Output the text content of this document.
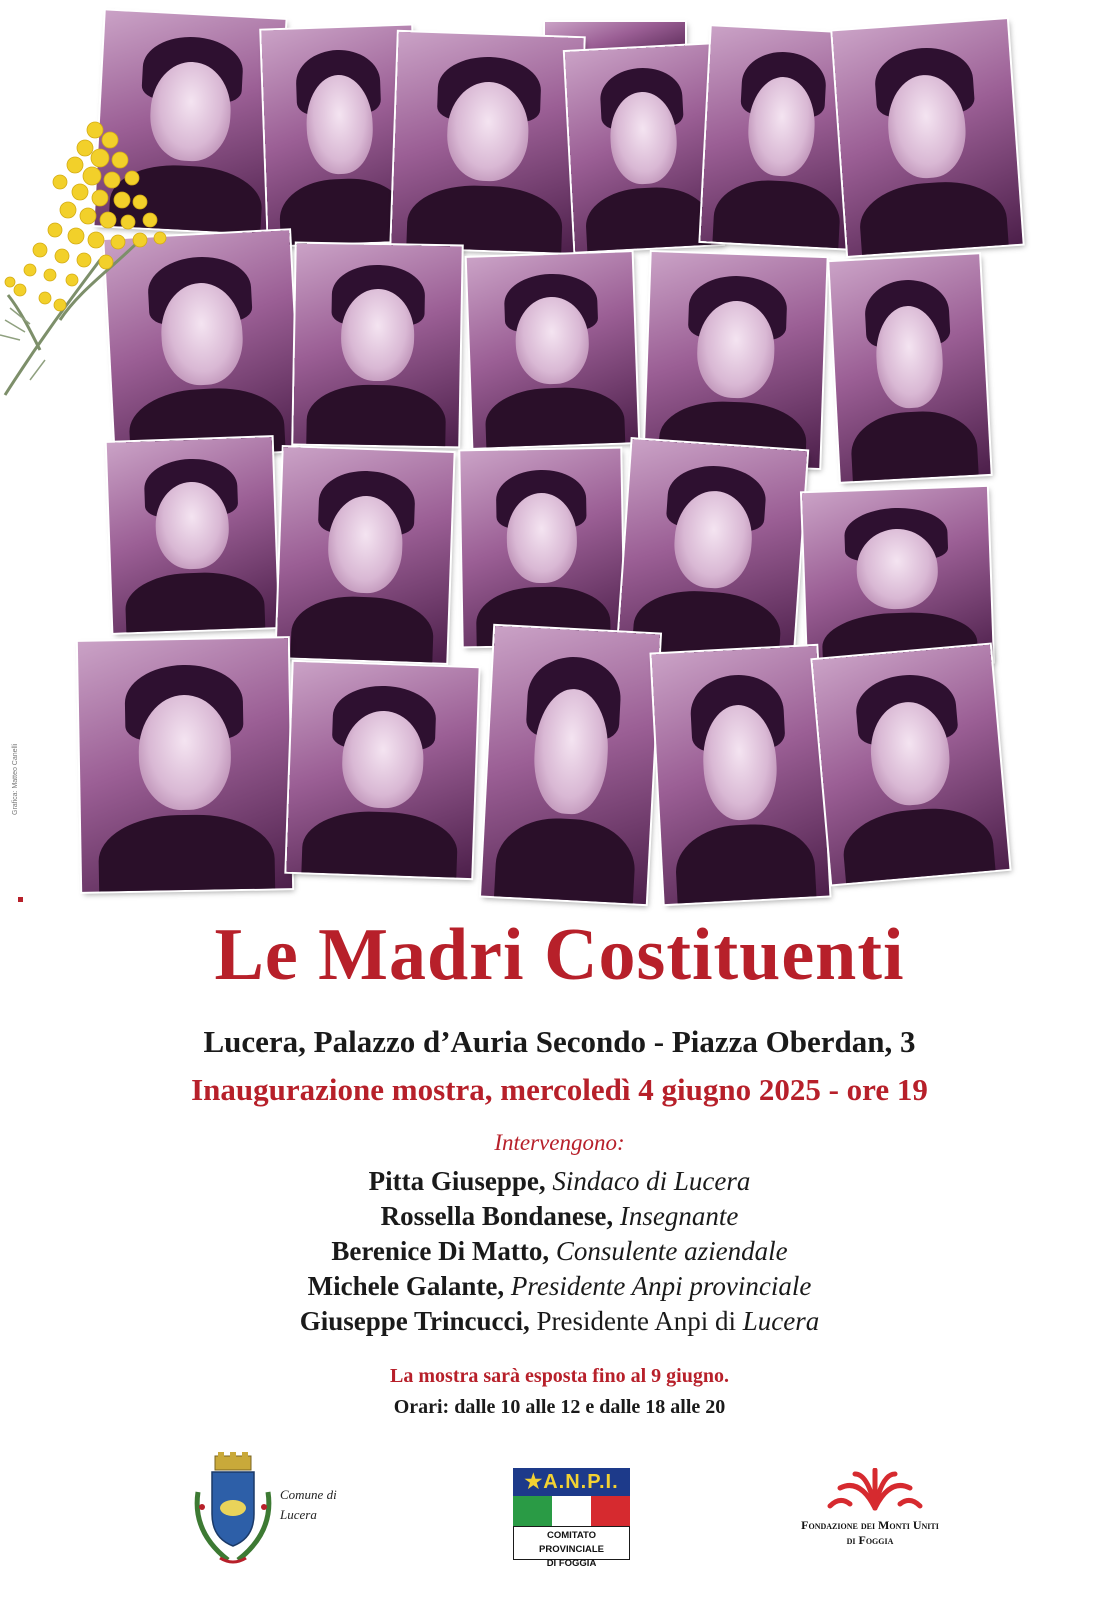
Grafica: Matteo Canelli
Le Madri Costituenti
Lucera, Palazzo d’Auria Secondo - Piazza Oberdan, 3
Inaugurazione mostra, mercoledì 4 giugno 2025 - ore 19
Intervengono:
Pitta Giuseppe, Sindaco di Lucera
Rossella Bondanese, Insegnante
Berenice Di Matto, Consulente aziendale
Michele Galante, Presidente Anpi provinciale
Giuseppe Trincucci, Presidente Anpi di Lucera
La mostra sarà esposta fino al 9 giugno.
Orari: dalle 10 alle 12 e dalle 18 alle 20
Comune di
Lucera
★A.N.P.I.
COMITATO PROVINCIALE
DI FOGGIA
Fondazione dei Monti Uniti
di Foggia
